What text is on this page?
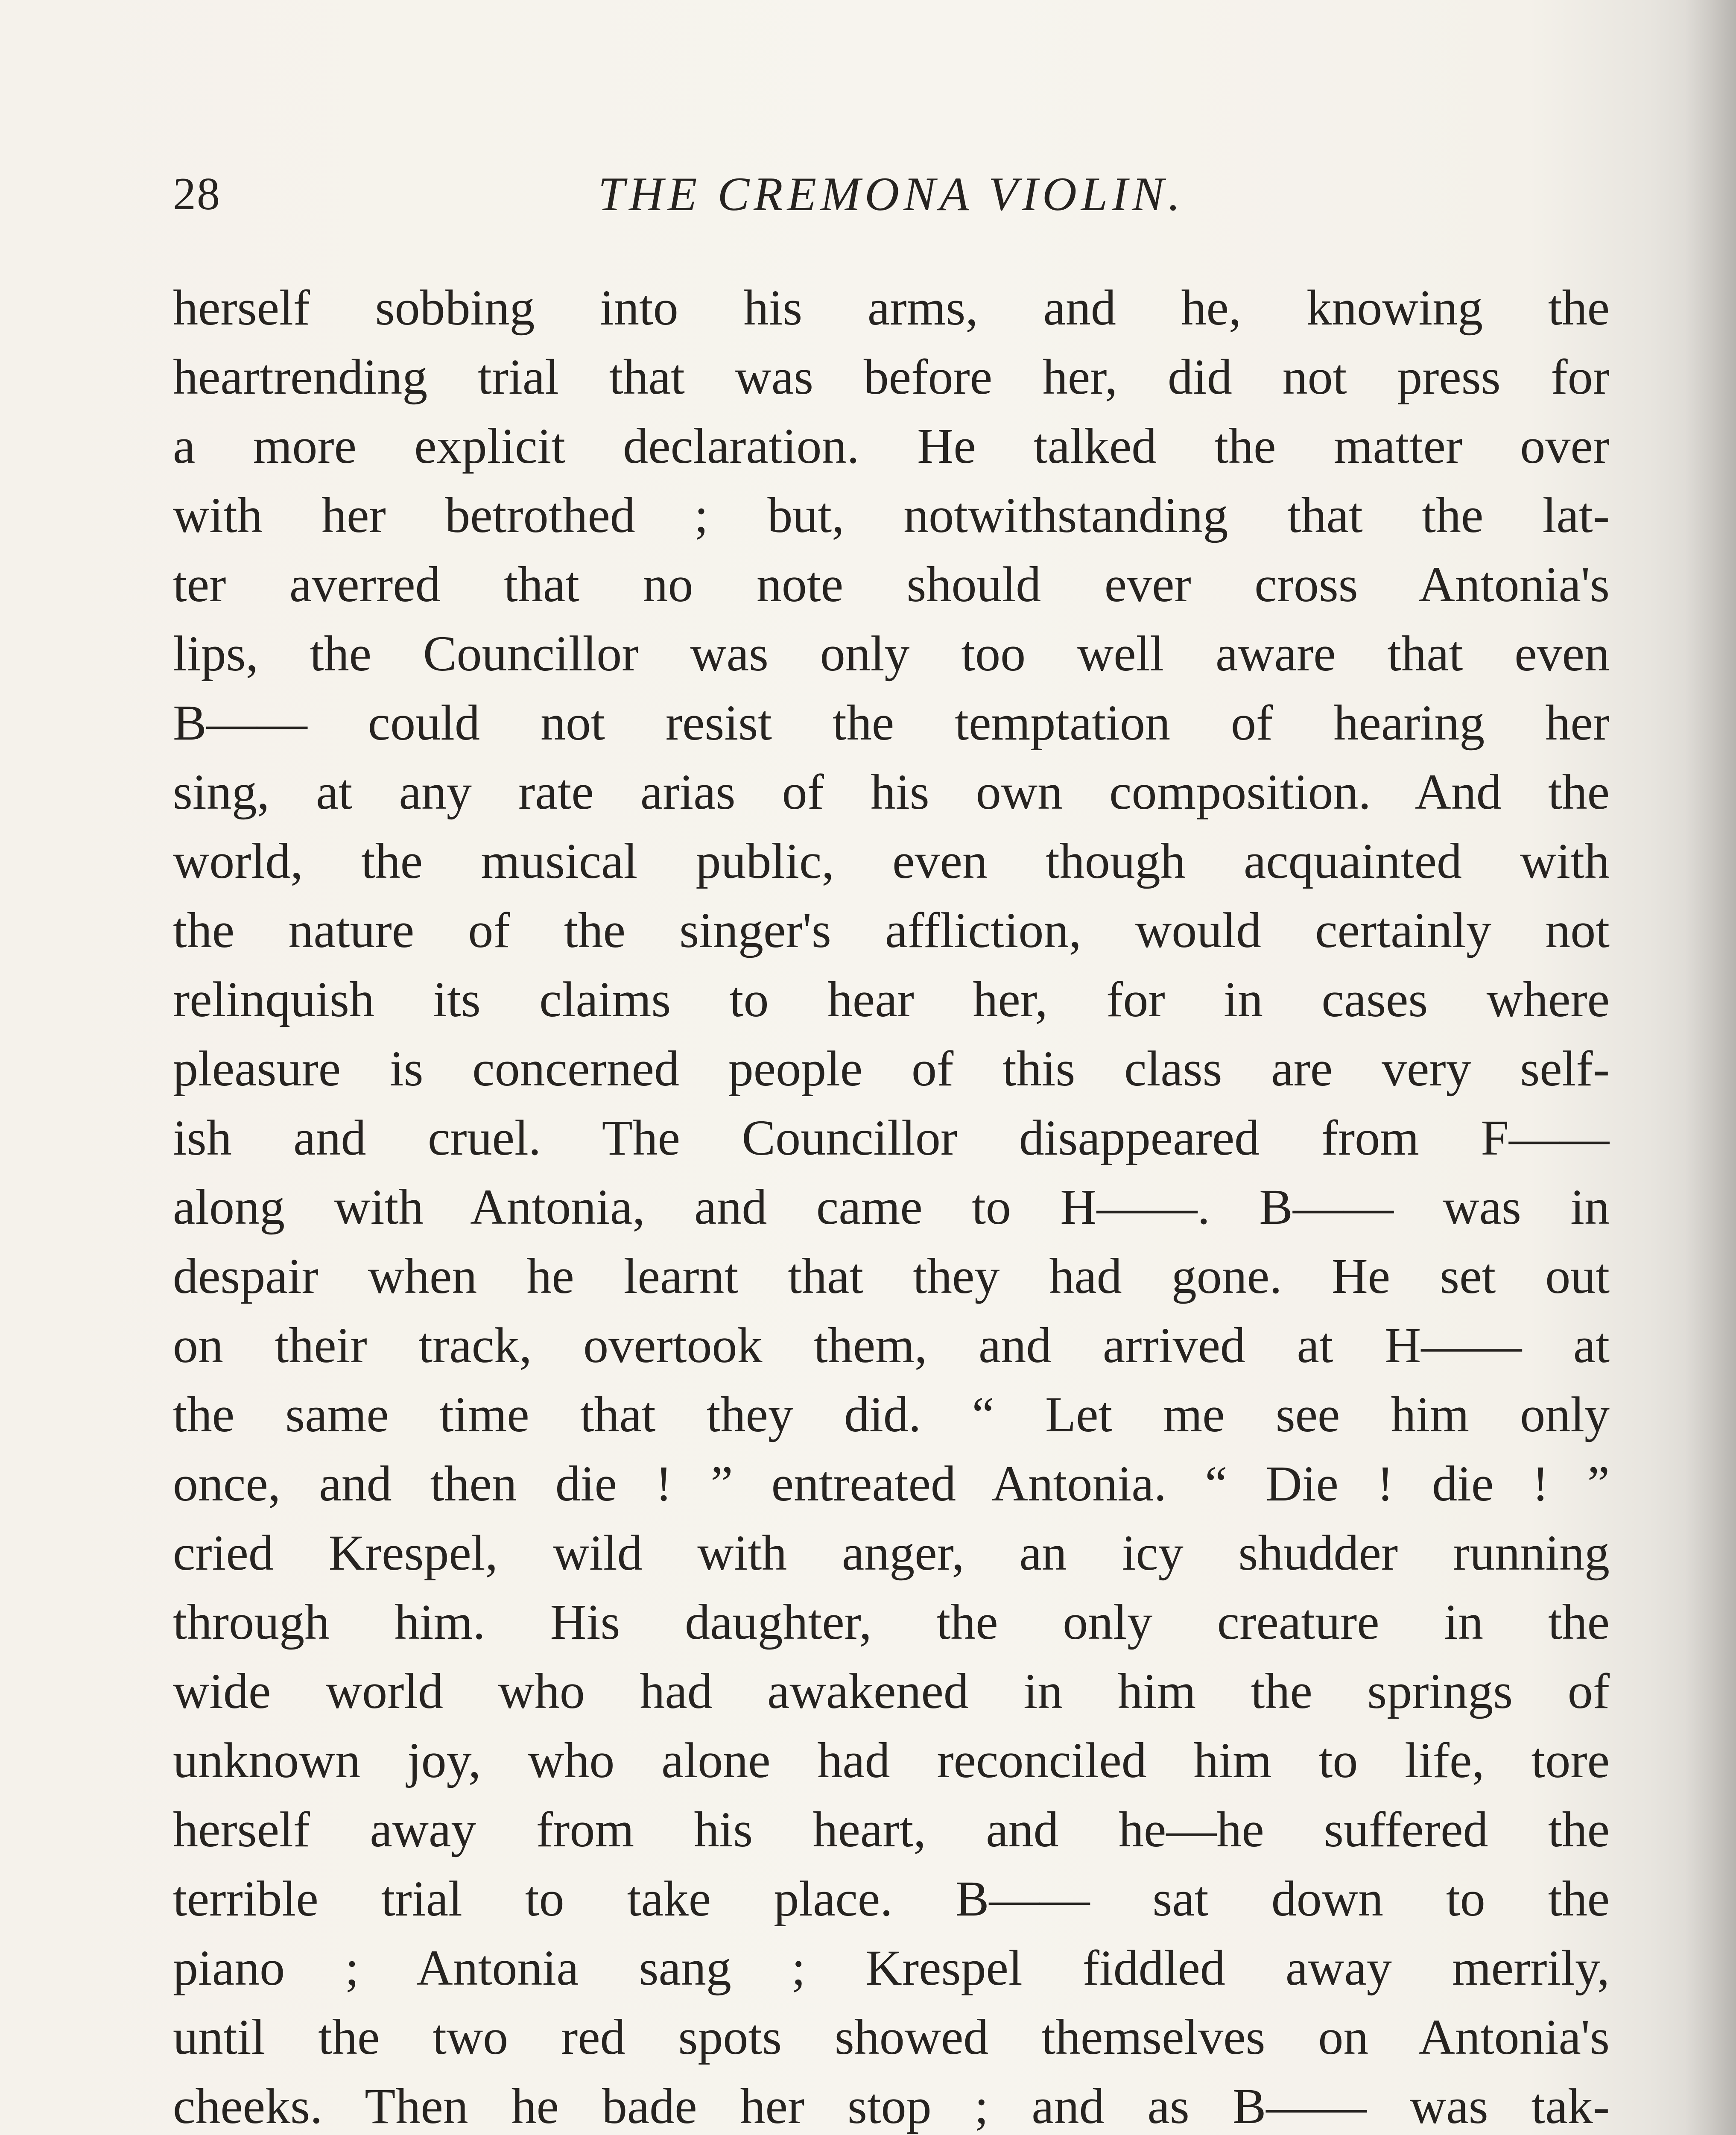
28	THE CREMONA VIOLIN.
herself sobbing into his arms, and he, knowing the
heartrending trial that was before her, did not press for
a more explicit declaration. He talked the matter over
with her betrothed ; but, notwithstanding that the lat-
ter averred that no note should ever cross Antonia's
lips, the Councillor was only too well aware that even
B—— could not resist the temptation of hearing her
sing, at any rate arias of his own composition. And the
world, the musical public, even though acquainted with
the nature of the singer's affliction, would certainly not
relinquish its claims to hear her, for in cases where
pleasure is concerned people of this class are very self-
ish and cruel. The Councillor disappeared from F——
along with Antonia, and came to H——. B—— was in
despair when he learnt that they had gone. He set out
on their track, overtook them, and arrived at H—— at
the same time that they did. “ Let me see him only
once, and then die ! ” entreated Antonia. “ Die ! die ! ”
cried Krespel, wild with anger, an icy shudder running
through him. His daughter, the only creature in the
wide world who had awakened in him the springs of
unknown joy, who alone had reconciled him to life, tore
herself away from his heart, and he—he suffered the
terrible trial to take place. B—— sat down to the
piano ; Antonia sang ; Krespel fiddled away merrily,
until the two red spots showed themselves on Antonia's
cheeks. Then he bade her stop ; and as B—— was tak-
